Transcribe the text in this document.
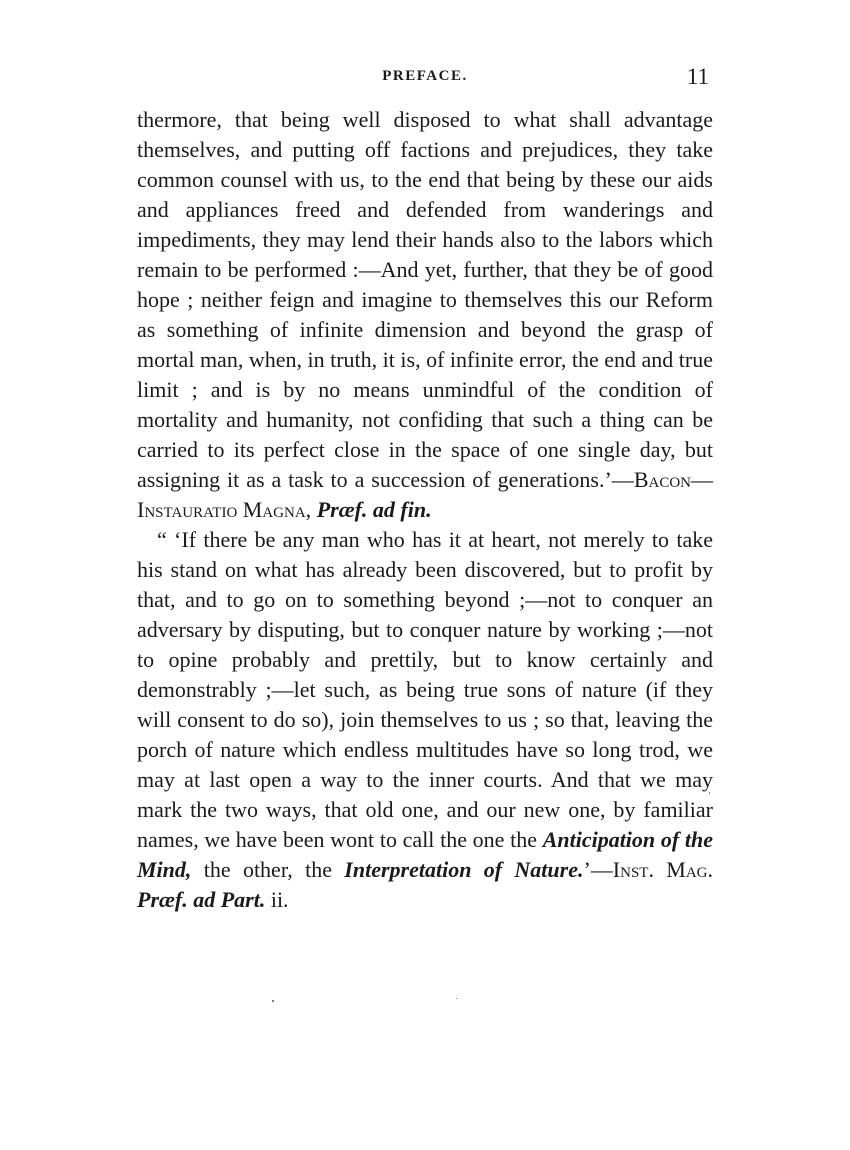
PREFACE.	11

thermore, that being well disposed to what shall advantage themselves, and putting off factions and prejudices, they take common counsel with us, to the end that being by these our aids and appliances freed and defended from wanderings and impediments, they may lend their hands also to the labors which remain to be performed :—And yet, further, that they be of good hope ; neither feign and imagine to themselves this our Reform as something of infinite dimension and beyond the grasp of mortal man, when, in truth, it is, of infinite error, the end and true limit ; and is by no means unmindful of the condition of mortality and humanity, not confiding that such a thing can be carried to its perfect close in the space of one single day, but assigning it as a task to a succession of generations.’—Bacon—Instauratio Magna, Præf. ad fin.

“ ‘If there be any man who has it at heart, not merely to take his stand on what has already been discovered, but to profit by that, and to go on to something beyond ;—not to conquer an adversary by disputing, but to conquer nature by working ;—not to opine probably and prettily, but to know certainly and demonstrably ;—let such, as being true sons of nature (if they will consent to do so), join themselves to us ; so that, leaving the porch of nature which endless multitudes have so long trod, we may at last open a way to the inner courts. And that we may mark the two ways, that old one, and our new one, by familiar names, we have been wont to call the one the Anticipation of the Mind, the other, the Interpretation of Nature.’—Inst. Mag. Præf. ad Part. ii.
